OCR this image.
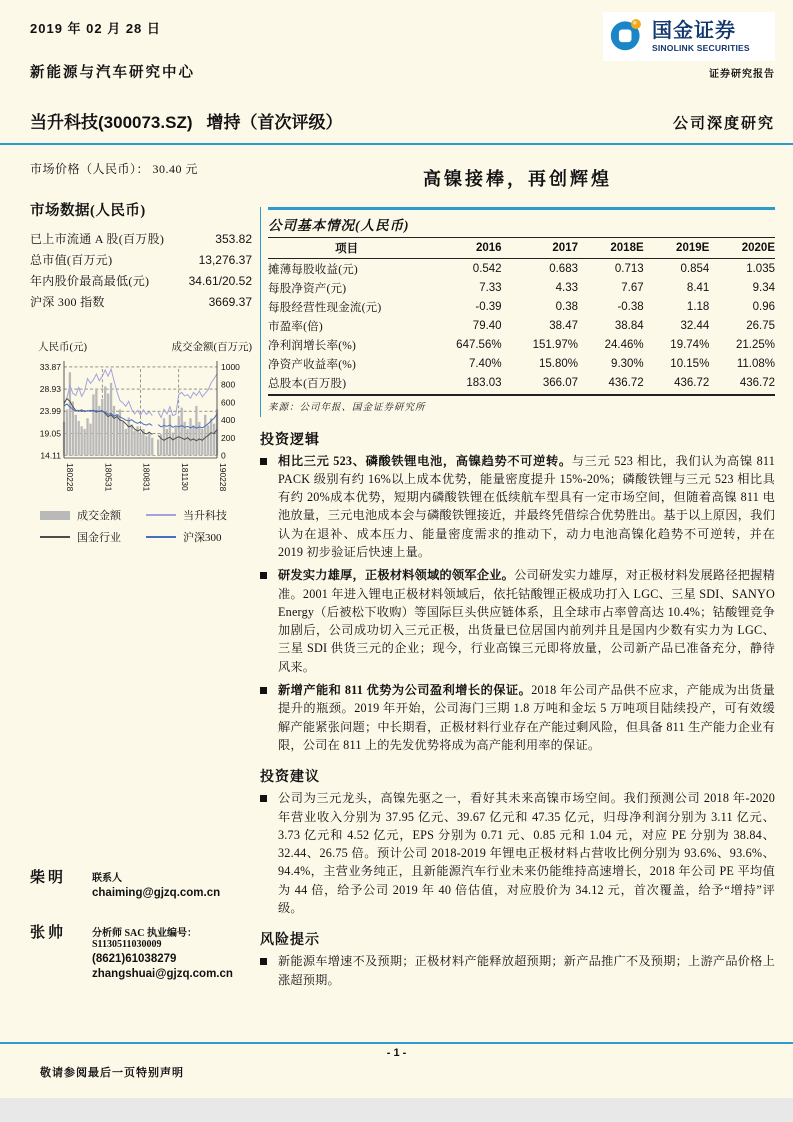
2019 年 02 月 28 日	国金证券
SINOLINK SECURITIES
证券研究报告
新能源与汽车研究中心
当升科技(300073.SZ) 增持（首次评级）	公司深度研究
市场价格（人民币）： 30.40 元
市场数据(人民币)
已上市流通 A 股(百万股)	353.82
总市值(百万元)	13,276.37
年内股价最高最低(元)	34.61/20.52
沪深 300 指数	3669.37
人民币(元)	成交金额(百万元)
33.87
28.93
23.99
19.05
14.11
1000
800
600
400
200
0
180228	180531	180831	181130	190228
成交金额
国金行业
当升科技
沪深300
柴明	联系人
chaiming@gjzq.com.cn
张帅	分析师 SAC 执业编号：S1130511030009
(8621)61038279
zhangshuai@gjzq.com.cn
高镍接棒，再创辉煌
公司基本情况(人民币)
项目	2016	2017	2018E	2019E	2020E
摊薄每股收益(元)	0.542	0.683	0.713	0.854	1.035
每股净资产(元)	7.33	4.33	7.67	8.41	9.34
每股经营性现金流(元)	-0.39	0.38	-0.38	1.18	0.96
市盈率(倍)	79.40	38.47	38.84	32.44	26.75
净利润增长率(%)	647.56%	151.97%	24.46%	19.74%	21.25%
净资产收益率(%)	7.40%	15.80%	9.30%	10.15%	11.08%
总股本(百万股)	183.03	366.07	436.72	436.72	436.72
来源：公司年报、国金证券研究所
投资逻辑

相比三元 523、磷酸铁锂电池，高镍趋势不可逆转。与三元 523 相比，我们认为高镍 811 PACK 级别有约 16%以上成本优势，能量密度提升 15%-20%；磷酸铁锂与三元 523 相比具有约 20%成本优势，短期内磷酸铁锂在低续航车型具有一定市场空间，但随着高镍 811 电池放量，三元电池成本会与磷酸铁锂接近，并最终凭借综合优势胜出。基于以上原因，我们认为在退补、成本压力、能量密度需求的推动下，动力电池高镍化趋势不可逆转，并在 2019 初步验证后快速上量。

研发实力雄厚，正极材料领域的领军企业。公司研发实力雄厚，对正极材料发展路径把握精准。2001 年进入锂电正极材料领域后，依托钴酸锂正极成功打入 LGC、三星 SDI、SANYO Energy（后被松下收购）等国际巨头供应链体系，且全球市占率曾高达 10.4%；钴酸锂竞争加剧后，公司成功切入三元正极，出货量已位居国内前列并且是国内少数有实力为 LGC、三星 SDI 供货三元的企业；现今，行业高镍三元即将放量，公司新产品已准备充分，静待风来。

新增产能和 811 优势为公司盈利增长的保证。2018 年公司产品供不应求，产能成为出货量提升的瓶颈。2019 年开始，公司海门三期 1.8 万吨和金坛 5 万吨项目陆续投产，可有效缓解产能紧张问题；中长期看，正极材料行业存在产能过剩风险，但具备 811 生产能力企业有限，公司在 811 上的先发优势将成为高产能利用率的保证。

投资建议

公司为三元龙头，高镍先驱之一，看好其未来高镍市场空间。我们预测公司 2018 年-2020 年营业收入分别为 37.95 亿元、39.67 亿元和 47.35 亿元，归母净利润分别为 3.11 亿元、3.73 亿元和 4.52 亿元，EPS 分别为 0.71 元、0.85 元和 1.04 元，对应 PE 分别为 38.84、32.44、26.75 倍。预计公司 2018-2019 年锂电正极材料占营收比例分别为 93.6%、93.6%、94.4%，主营业务纯正，且新能源汽车行业未来仍能维持高速增长，2018 年公司 PE 平均值为 44 倍，给予公司 2019 年 40 倍估值，对应股价为 34.12 元，首次覆盖，给予“增持”评级。

风险提示

新能源车增速不及预期；正极材料产能释放超预期；新产品推广不及预期；上游产品价格上涨超预期。

- 1 -
敬请参阅最后一页特别声明
